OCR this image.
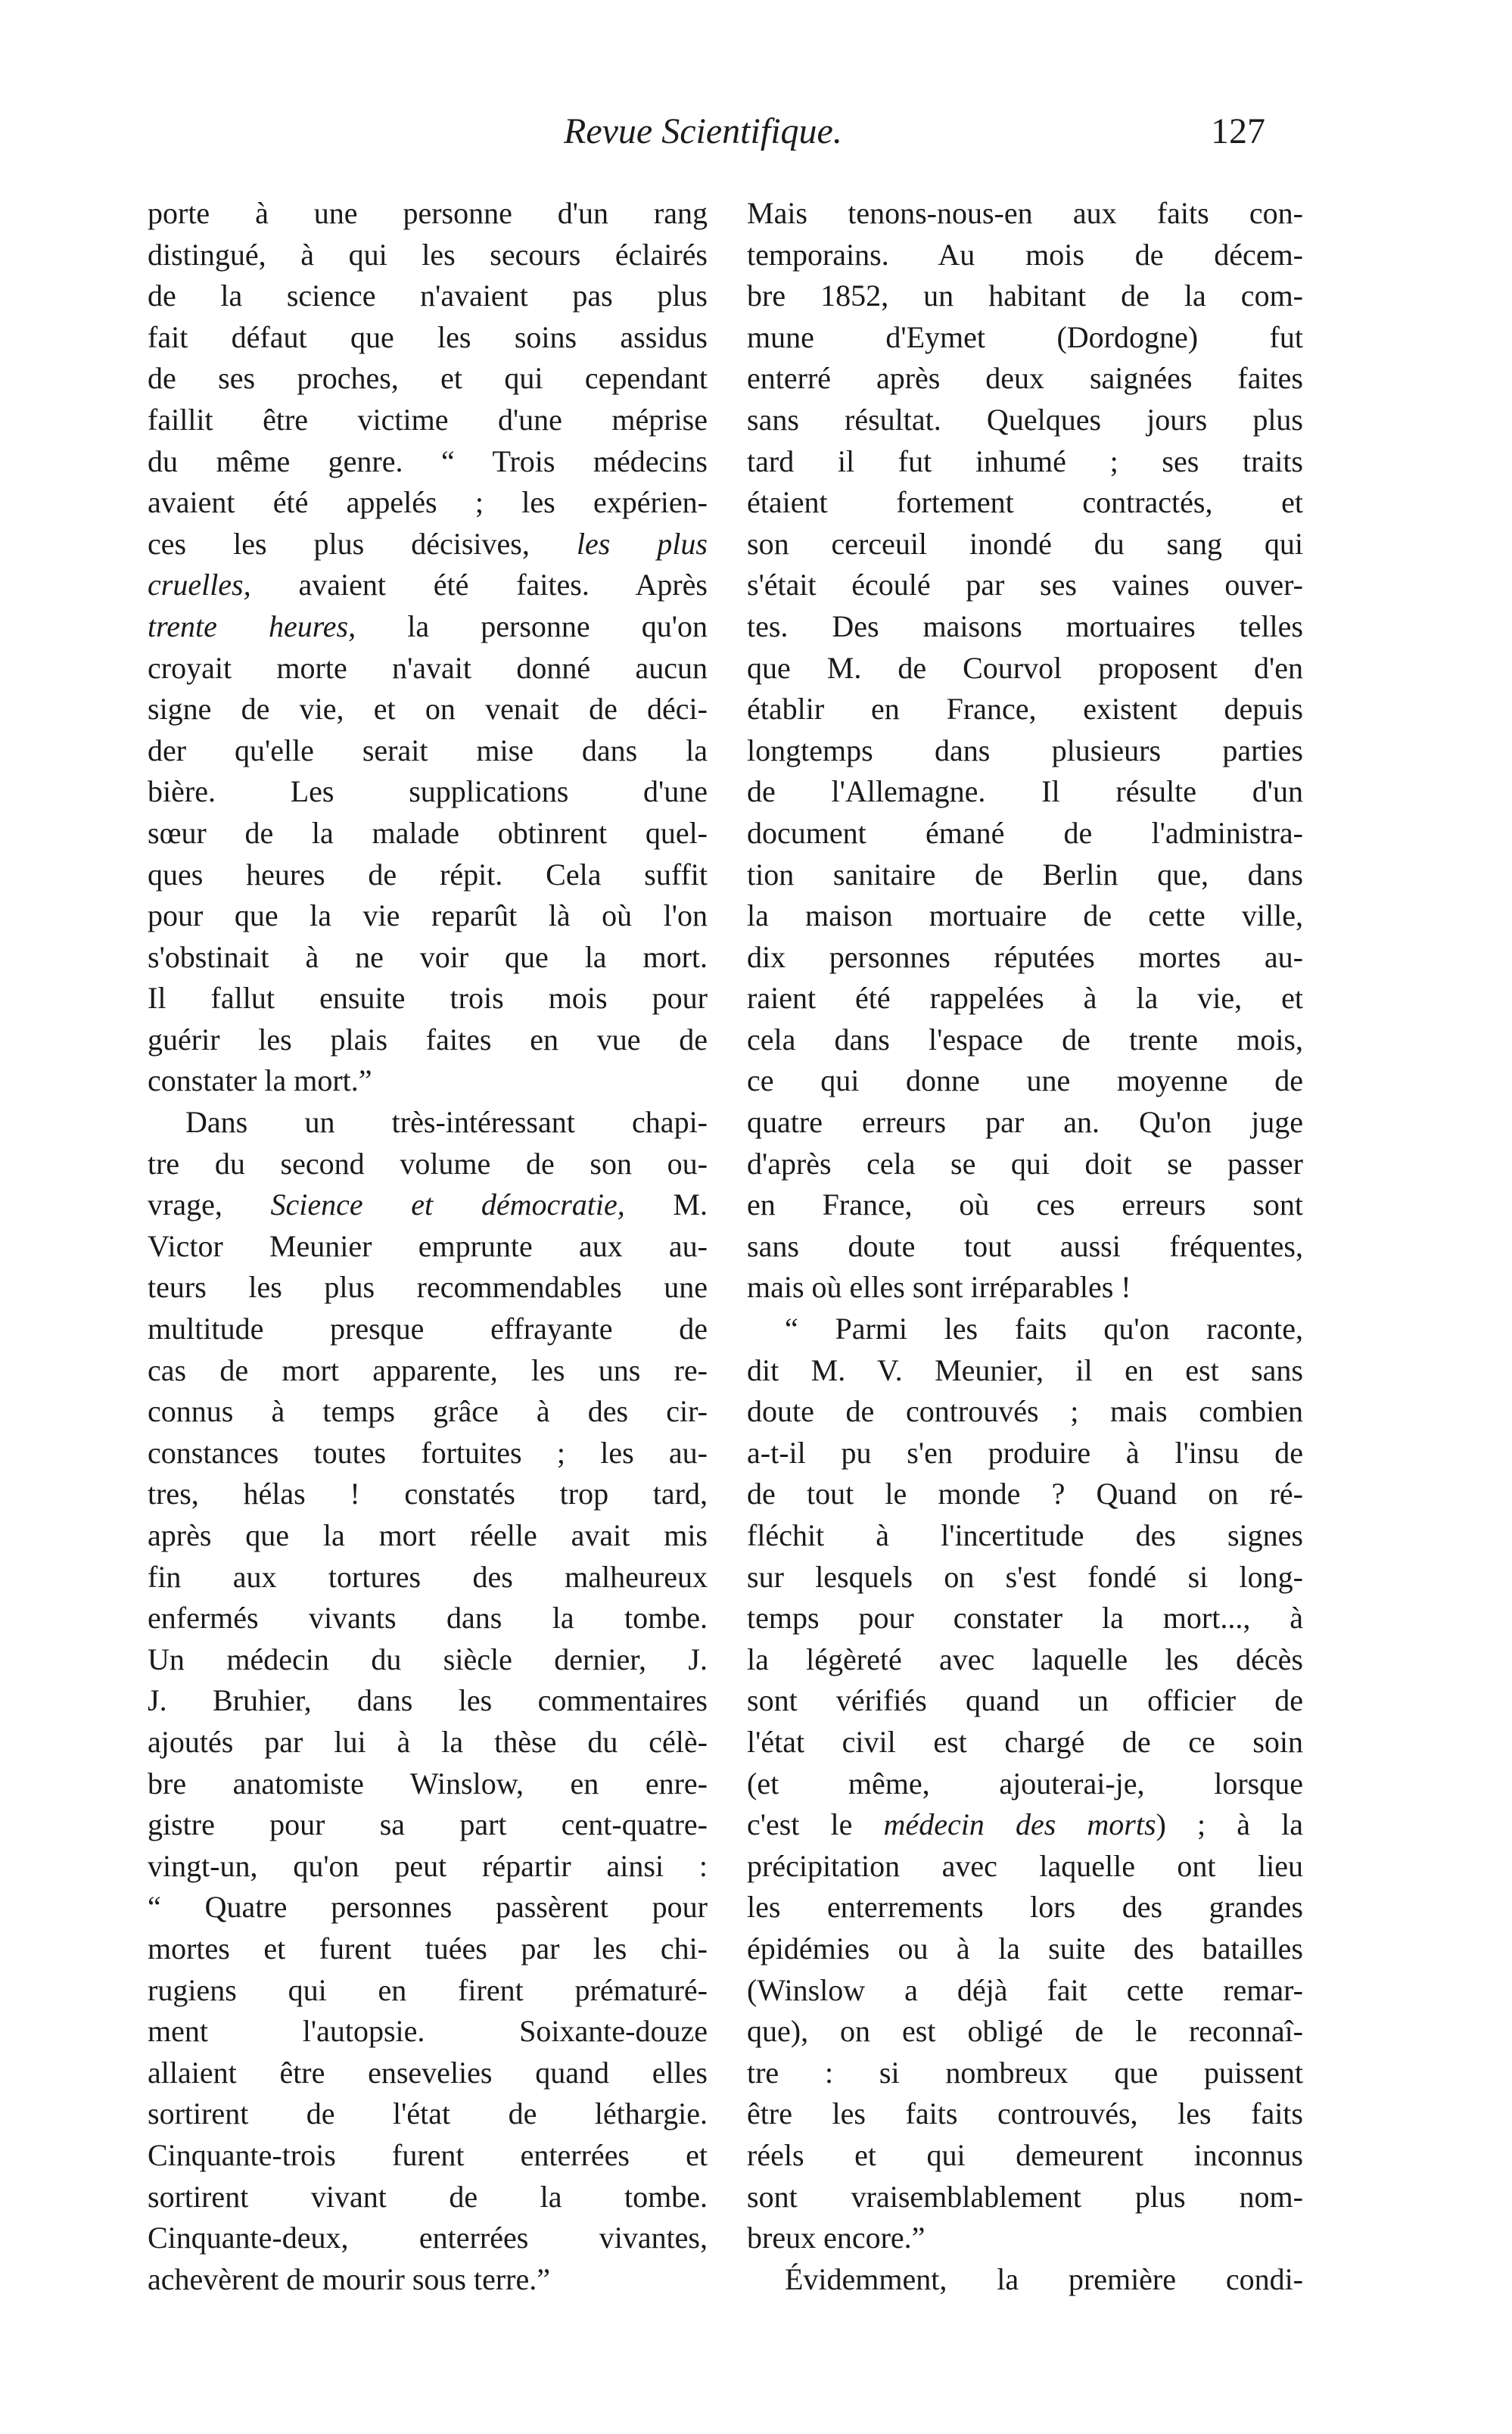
Revue Scientifique.	127
porte à une personne d'un rang
distingué, à qui les secours éclairés
de la science n'avaient pas plus
fait défaut que les soins assidus
de ses proches, et qui cependant
faillit être victime d'une méprise
du même genre. “ Trois médecins
avaient été appelés ; les expérien-
ces les plus décisives, les plus
cruelles, avaient été faites. Après
trente heures, la personne qu'on
croyait morte n'avait donné aucun
signe de vie, et on venait de déci-
der qu'elle serait mise dans la
bière. Les supplications d'une
sœur de la malade obtinrent quel-
ques heures de répit. Cela suffit
pour que la vie reparût là où l'on
s'obstinait à ne voir que la mort.
Il fallut ensuite trois mois pour
guérir les plais faites en vue de
constater la mort.”
Dans un très-intéressant chapi-
tre du second volume de son ou-
vrage, Science et démocratie, M.
Victor Meunier emprunte aux au-
teurs les plus recommendables une
multitude presque effrayante de
cas de mort apparente, les uns re-
connus à temps grâce à des cir-
constances toutes fortuites ; les au-
tres, hélas ! constatés trop tard,
après que la mort réelle avait mis
fin aux tortures des malheureux
enfermés vivants dans la tombe.
Un médecin du siècle dernier, J.
J. Bruhier, dans les commentaires
ajoutés par lui à la thèse du célè-
bre anatomiste Winslow, en enre-
gistre pour sa part cent-quatre-
vingt-un, qu'on peut répartir ainsi :
“ Quatre personnes passèrent pour
mortes et furent tuées par les chi-
rugiens qui en firent prématuré-
ment l'autopsie. Soixante-douze
allaient être ensevelies quand elles
sortirent de l'état de léthargie.
Cinquante-trois furent enterrées et
sortirent vivant de la tombe.
Cinquante-deux, enterrées vivantes,
achevèrent de mourir sous terre.”
Mais tenons-nous-en aux faits con-
temporains. Au mois de décem-
bre 1852, un habitant de la com-
mune d'Eymet (Dordogne) fut
enterré après deux saignées faites
sans résultat. Quelques jours plus
tard il fut inhumé ; ses traits
étaient fortement contractés, et
son cerceuil inondé du sang qui
s'était écoulé par ses vaines ouver-
tes. Des maisons mortuaires telles
que M. de Courvol proposent d'en
établir en France, existent depuis
longtemps dans plusieurs parties
de l'Allemagne. Il résulte d'un
document émané de l'administra-
tion sanitaire de Berlin que, dans
la maison mortuaire de cette ville,
dix personnes réputées mortes au-
raient été rappelées à la vie, et
cela dans l'espace de trente mois,
ce qui donne une moyenne de
quatre erreurs par an. Qu'on juge
d'après cela se qui doit se passer
en France, où ces erreurs sont
sans doute tout aussi fréquentes,
mais où elles sont irréparables !
“ Parmi les faits qu'on raconte,
dit M. V. Meunier, il en est sans
doute de controuvés ; mais combien
a-t-il pu s'en produire à l'insu de
de tout le monde ? Quand on ré-
fléchit à l'incertitude des signes
sur lesquels on s'est fondé si long-
temps pour constater la mort..., à
la légèreté avec laquelle les décès
sont vérifiés quand un officier de
l'état civil est chargé de ce soin
(et même, ajouterai-je, lorsque
c'est le médecin des morts) ; à la
précipitation avec laquelle ont lieu
les enterrements lors des grandes
épidémies ou à la suite des batailles
(Winslow a déjà fait cette remar-
que), on est obligé de le reconnaî-
tre : si nombreux que puissent
être les faits controuvés, les faits
réels et qui demeurent inconnus
sont vraisemblablement plus nom-
breux encore.”
Évidemment, la première condi-
